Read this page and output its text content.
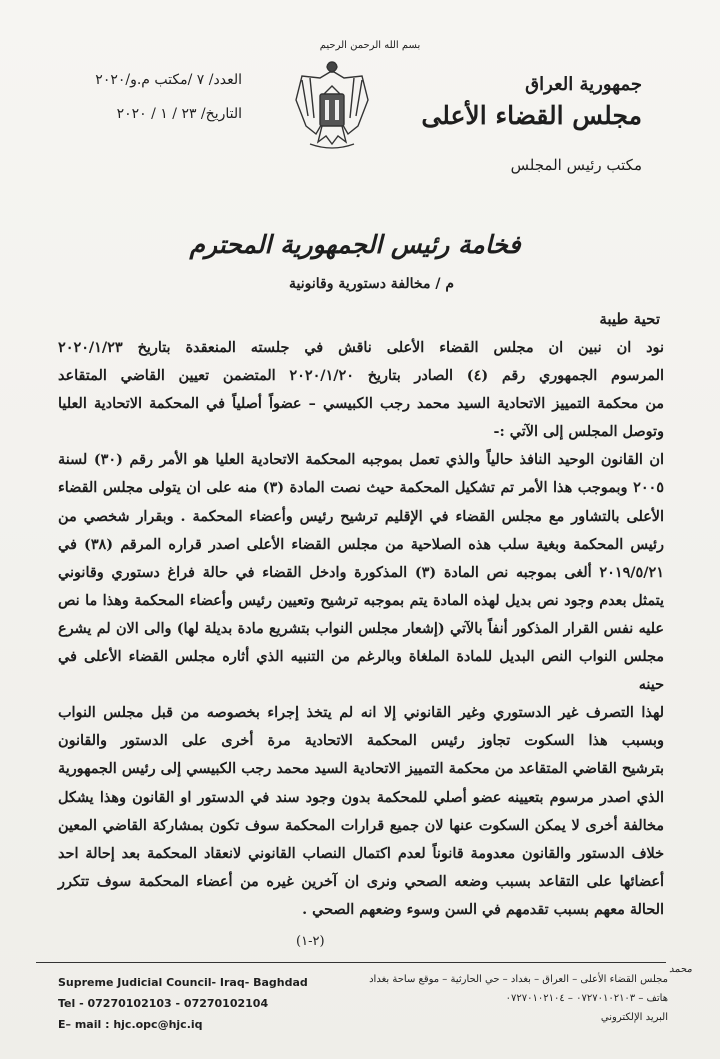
بسم الله الرحمن الرحيم
جمهورية العراق
مجلس القضاء الأعلى
مكتب رئيس المجلس
العدد/ ٧ /مكتب م.و/٢٠٢٠
التاريخ/ ٢٣ / ١ / ٢٠٢٠
فخامة رئيس الجمهورية المحترم
م / مخالفة دستورية وقانونية
تحية طيبة

نود ان نبين ان مجلس القضاء الأعلى ناقش في جلسته المنعقدة بتاريخ ٢٠٢٠/١/٢٣

المرسوم الجمهوري رقم (٤) الصادر بتاريخ ٢٠٢٠/١/٢٠ المتضمن تعيين القاضي المتقاعد

من محكمة التمييز الاتحادية السيد محمد رجب الكبيسي – عضواً أصلياً في المحكمة الاتحادية العليا

وتوصل المجلس إلى الآتي :-

ان القانون الوحيد النافذ حالياً والذي تعمل بموجبه المحكمة الاتحادية العليا هو الأمر رقم (٣٠) لسنة

٢٠٠٥ وبموجب هذا الأمر تم تشكيل المحكمة حيث نصت المادة (٣) منه على ان يتولى مجلس القضاء

الأعلى بالتشاور مع مجلس القضاء في الإقليم ترشيح رئيس وأعضاء المحكمة . وبقرار شخصي من

رئيس المحكمة وبغية سلب هذه الصلاحية من مجلس القضاء الأعلى اصدر قراره المرقم (٣٨) في

٢٠١٩/٥/٢١ ألغى بموجبه نص المادة (٣) المذكورة وادخل القضاء في حالة فراغ دستوري وقانوني

يتمثل بعدم وجود نص بديل لهذه المادة يتم بموجبه ترشيح وتعيين رئيس وأعضاء المحكمة وهذا ما نص

عليه نفس القرار المذكور أنفاً بالآتي (إشعار مجلس النواب بتشريع مادة بديلة لها) والى الان لم يشرع

مجلس النواب النص البديل للمادة الملغاة وبالرغم من التنبيه الذي أثاره مجلس القضاء الأعلى في حينه

لهذا التصرف غير الدستوري وغير القانوني إلا انه لم يتخذ إجراء بخصوصه من قبل مجلس النواب

وبسبب هذا السكوت تجاوز رئيس المحكمة الاتحادية مرة أخرى على الدستور والقانون

بترشيح القاضي المتقاعد من محكمة التمييز الاتحادية السيد محمد رجب الكبيسي إلى رئيس الجمهورية

الذي اصدر مرسوم بتعيينه عضو أصلي للمحكمة بدون وجود سند في الدستور او القانون وهذا يشكل

مخالفة أخرى لا يمكن السكوت عنها لان جميع قرارات المحكمة سوف تكون بمشاركة القاضي المعين

خلاف الدستور والقانون معدومة قانوناً لعدم اكتمال النصاب القانوني لانعقاد المحكمة بعد إحالة احد

أعضائها على التقاعد بسبب وضعه الصحي ونرى ان آخرين غيره من أعضاء المحكمة سوف تتكرر

الحالة معهم بسبب تقدمهم في السن وسوء وضعهم الصحي .

(٢-١)
محمد
مجلس القضاء الأعلى – العراق – بغداد – حي الحارثية – موقع ساحة بغداد
هاتف – ٠٧٢٧٠١٠٢١٠٣ – ٠٧٢٧٠١٠٢١٠٤
البريد الإلكتروني
Supreme Judicial Council- Iraq- Baghdad
Tel - 07270102103 - 07270102104
E– mail : hjc.opc@hjc.iq
